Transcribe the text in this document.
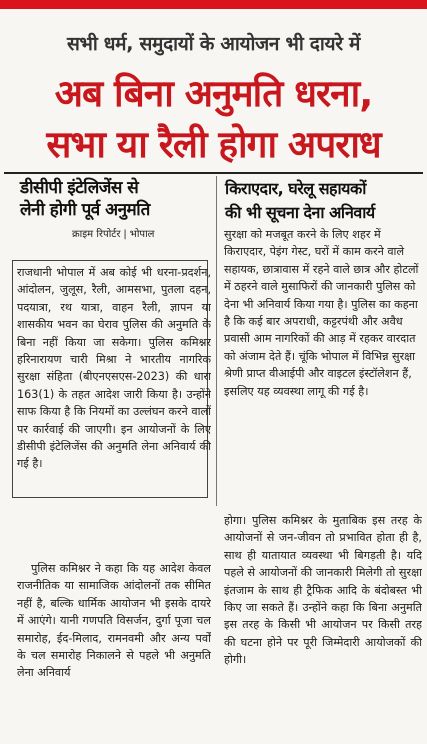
सभी धर्म, समुदायों के आयोजन भी दायरे में
अब बिना अनुमति धरना,
सभा या रैली होगा अपराध
डीसीपी इंटेलिजेंस से
लेनी होगी पूर्व अनुमति
क्राइम रिपोर्टर | भोपाल

राजधानी भोपाल में अब कोई भी धरना-प्रदर्शन, आंदोलन, जुलूस, रैली, आमसभा, पुतला दहन, पदयात्रा, रथ यात्रा, वाहन रैली, ज्ञापन या शासकीय भवन का घेराव पुलिस की अनुमति के बिना नहीं किया जा सकेगा। पुलिस कमिश्नर हरिनारायण चारी मिश्रा ने भारतीय नागरिक सुरक्षा संहिता (बीएनएसएस-2023) की धारा 163(1) के तहत आदेश जारी किया है। उन्होंने साफ किया है कि नियमों का उल्लंघन करने वालों पर कार्रवाई की जाएगी। इन आयोजनों के लिए डीसीपी इंटेलिजेंस की अनुमति लेना अनिवार्य की गई है।

पुलिस कमिश्नर ने कहा कि यह आदेश केवल राजनीतिक या सामाजिक आंदोलनों तक सीमित नहीं है, बल्कि धार्मिक आयोजन भी इसके दायरे में आएंगे। यानी गणपति विसर्जन, दुर्गा पूजा चल समारोह, ईद-मिलाद, रामनवमी और अन्य पर्वों के चल समारोह निकालने से पहले भी अनुमति लेना अनिवार्य

किराएदार, घरेलू सहायकों
की भी सूचना देना अनिवार्य

सुरक्षा को मजबूत करने के लिए शहर में किराएदार, पेइंग गेस्ट, घरों में काम करने वाले सहायक, छात्रावास में रहने वाले छात्र और होटलों में ठहरने वाले मुसाफिरों की जानकारी पुलिस को देना भी अनिवार्य किया गया है। पुलिस का कहना है कि कई बार अपराधी, कट्टरपंथी और अवैध प्रवासी आम नागरिकों की आड़ में रहकर वारदात को अंजाम देते हैं। चूंकि भोपाल में विभिन्न सुरक्षा श्रेणी प्राप्त वीआईपी और वाइटल इंस्टॉलेशन हैं, इसलिए यह व्यवस्था लागू की गई है।

होगा। पुलिस कमिश्नर के मुताबिक इस तरह के आयोजनों से जन-जीवन तो प्रभावित होता ही है, साथ ही यातायात व्यवस्था भी बिगड़ती है। यदि पहले से आयोजनों की जानकारी मिलेगी तो सुरक्षा इंतजाम के साथ ही ट्रैफिक आदि के बंदोबस्त भी किए जा सकते हैं। उन्होंने कहा कि बिना अनुमति इस तरह के किसी भी आयोजन पर किसी तरह की घटना होने पर पूरी जिम्मेदारी आयोजकों की होगी।
